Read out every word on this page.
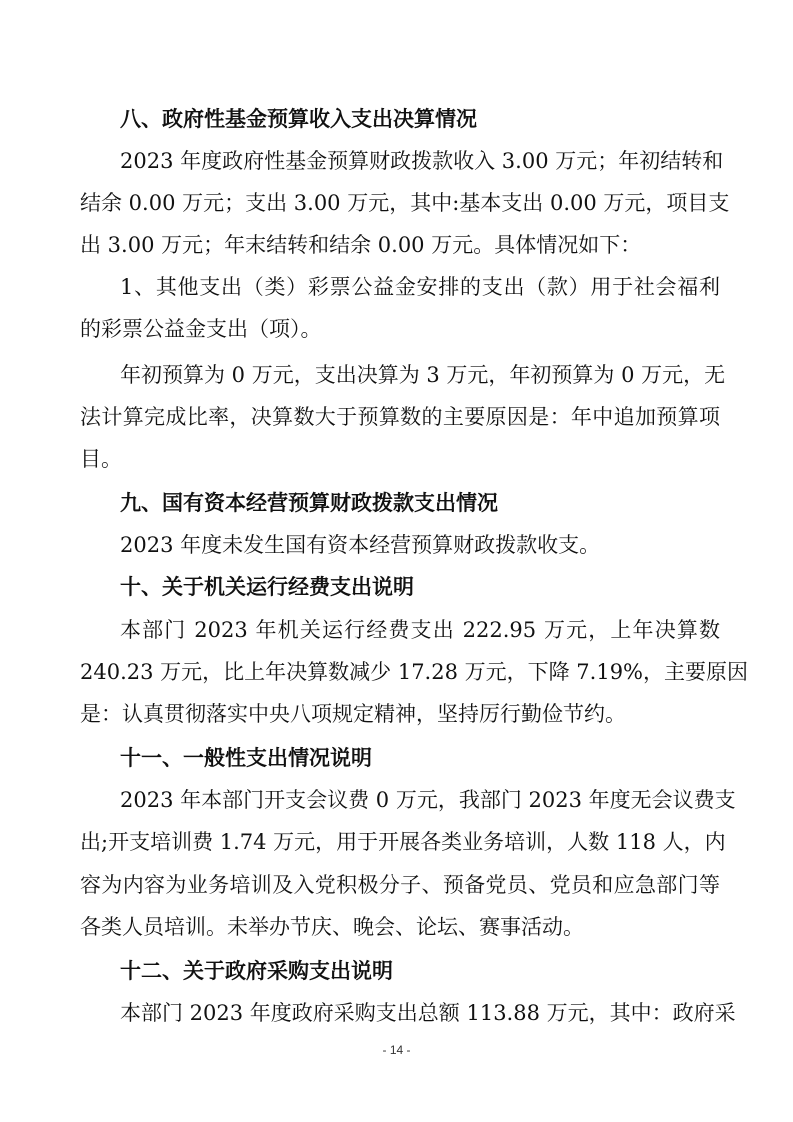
八、政府性基金预算收入支出决算情况
2023 年度政府性基金预算财政拨款收入 3.00 万元；年初结转和
结余 0.00 万元；支出 3.00 万元，其中:基本支出 0.00 万元，项目支
出 3.00 万元；年末结转和结余 0.00 万元。具体情况如下：
1、其他支出（类）彩票公益金安排的支出（款）用于社会福利
的彩票公益金支出（项）。
年初预算为 0 万元，支出决算为 3 万元，年初预算为 0 万元，无
法计算完成比率，决算数大于预算数的主要原因是：年中追加预算项
目。
九、国有资本经营预算财政拨款支出情况
2023 年度未发生国有资本经营预算财政拨款收支。
十、关于机关运行经费支出说明
本部门 2023 年机关运行经费支出 222.95 万元，上年决算数
240.23 万元，比上年决算数减少 17.28 万元，下降 7.19%，主要原因
是：认真贯彻落实中央八项规定精神，坚持厉行勤俭节约。
十一、一般性支出情况说明
2023 年本部门开支会议费 0 万元，我部门 2023 年度无会议费支
出;开支培训费 1.74 万元，用于开展各类业务培训，人数 118 人，内
容为内容为业务培训及入党积极分子、预备党员、党员和应急部门等
各类人员培训。未举办节庆、晚会、论坛、赛事活动。
十二、关于政府采购支出说明
本部门 2023 年度政府采购支出总额 113.88 万元，其中：政府采
- 14 -
